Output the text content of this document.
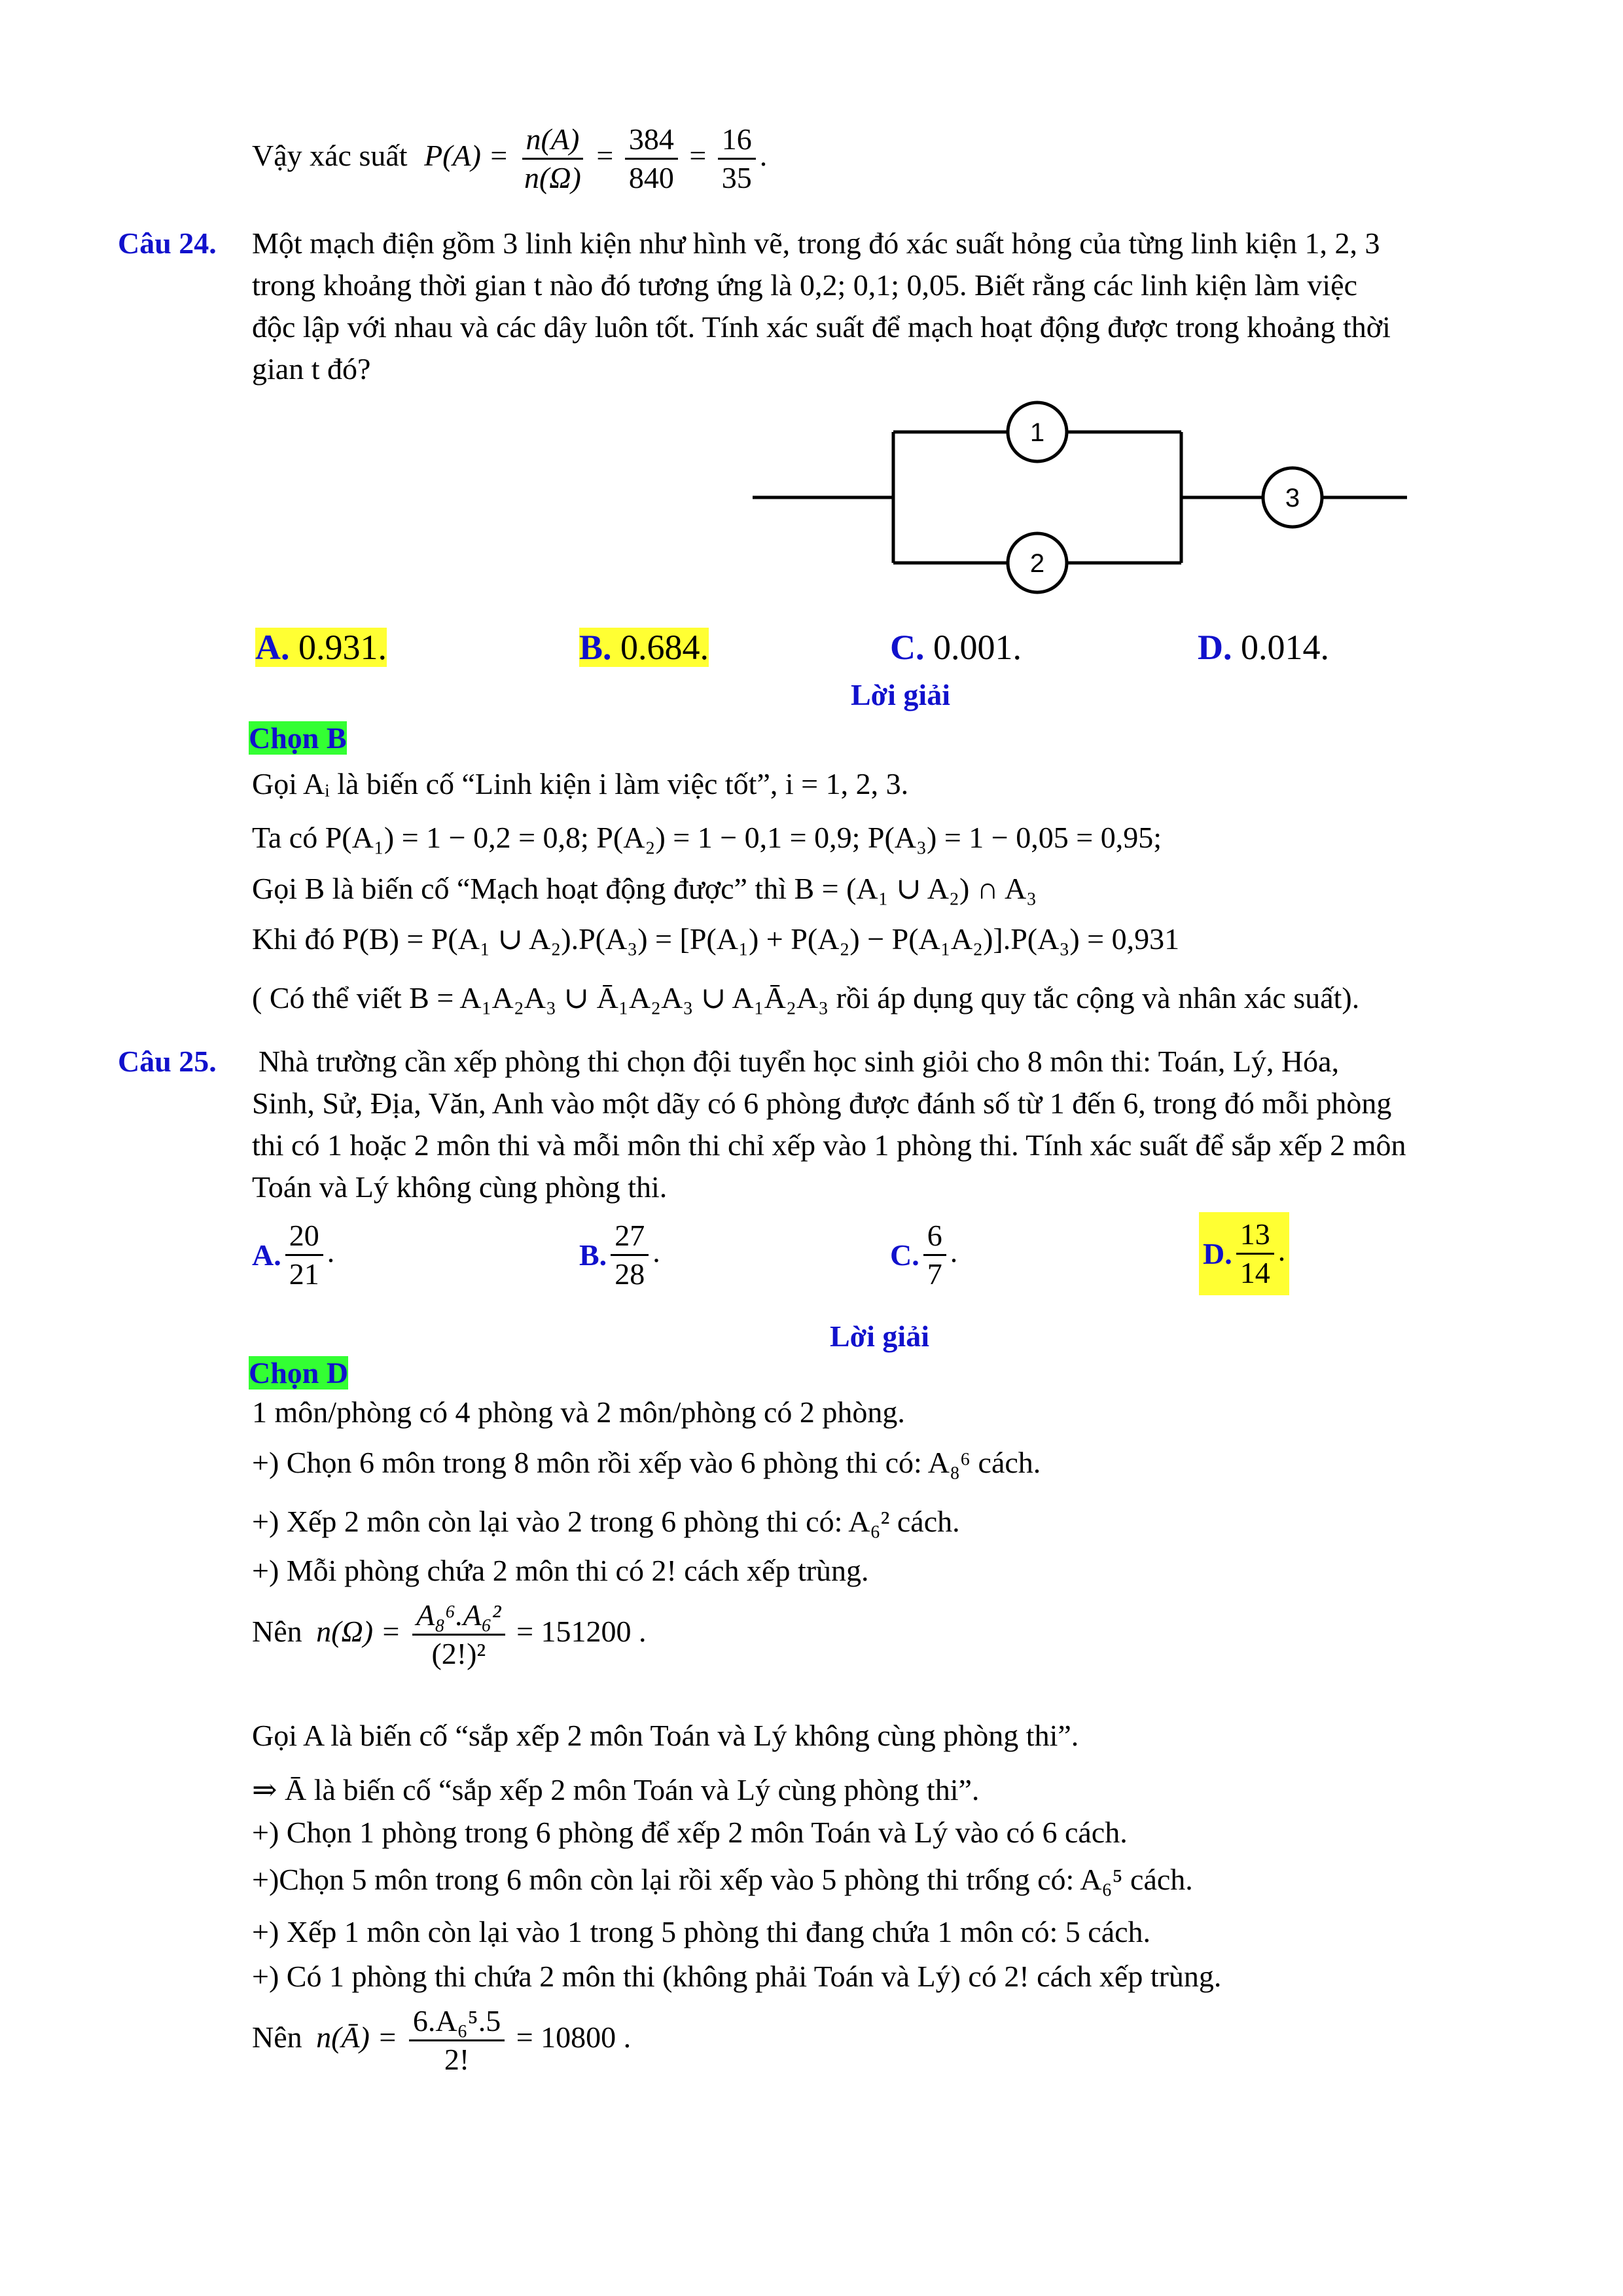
Vậy xác suất $P(A) = \frac{n(A)}{n(\Omega)} = \frac{384}{840} = \frac{16}{35}$ .
Câu 24. Một mạch điện gồm 3 linh kiện như hình vẽ, trong đó xác suất hỏng của từng linh kiện 1, 2, 3
trong khoảng thời gian t nào đó tương ứng là 0,2; 0,1; 0,05. Biết rằng các linh kiện làm việc
độc lập với nhau và các dây luôn tốt. Tính xác suất để mạch hoạt động được trong khoảng thời
gian t đó?
1
2
3
A. 0.931.	B. 0.684.	C. 0.001.	D. 0.014.
Lời giải
Chọn B
Gọi Aᵢ là biến cố “Linh kiện i làm việc tốt”, i = 1, 2, 3.
Ta có P(A₁) = 1 − 0,2 = 0,8; P(A₂) = 1 − 0,1 = 0,9; P(A₃) = 1 − 0,05 = 0,95;
Gọi B là biến cố “Mạch hoạt động được” thì B = (A₁ ∪ A₂) ∩ A₃
Khi đó P(B) = P(A₁ ∪ A₂).P(A₃) = [P(A₁) + P(A₂) − P(A₁A₂)].P(A₃) = 0,931
( Có thể viết B = A₁A₂A₃ ∪ Ā₁A₂A₃ ∪ A₁Ā₂A₃ rồi áp dụng quy tắc cộng và nhân xác suất).
Câu 25. Nhà trường cần xếp phòng thi chọn đội tuyển học sinh giỏi cho 8 môn thi: Toán, Lý, Hóa,
Sinh, Sử, Địa, Văn, Anh vào một dãy có 6 phòng được đánh số từ 1 đến 6, trong đó mỗi phòng
thi có 1 hoặc 2 môn thi và mỗi môn thi chỉ xếp vào 1 phòng thi. Tính xác suất để sắp xếp 2 môn
Toán và Lý không cùng phòng thi.
A. $\frac{20}{21}$ .	B. $\frac{27}{28}$ .	C. $\frac{6}{7}$ .	D. $\frac{13}{14}$ .
Lời giải
Chọn D
1 môn/phòng có 4 phòng và 2 môn/phòng có 2 phòng.
+) Chọn 6 môn trong 8 môn rồi xếp vào 6 phòng thi có: A₈⁶ cách.
+) Xếp 2 môn còn lại vào 2 trong 6 phòng thi có: A₆² cách.
+) Mỗi phòng chứa 2 môn thi có 2! cách xếp trùng.
Nên $n(\Omega) = \frac{\text{A₈⁶.A₆²}}{\text{(2!)²}} = 151200$ .
Gọi A là biến cố “sắp xếp 2 môn Toán và Lý không cùng phòng thi”.
⇒ Ā là biến cố “sắp xếp 2 môn Toán và Lý cùng phòng thi”.
+) Chọn 1 phòng trong 6 phòng để xếp 2 môn Toán và Lý vào có 6 cách.
+)Chọn 5 môn trong 6 môn còn lại rồi xếp vào 5 phòng thi trống có: A₆⁵ cách.
+) Xếp 1 môn còn lại vào 1 trong 5 phòng thi đang chứa 1 môn có: 5 cách.
+) Có 1 phòng thi chứa 2 môn thi (không phải Toán và Lý) có 2! cách xếp trùng.
Nên n(Ā) = $\frac{\text{6.A₆⁵.5}}{2!} = 10800$ .
